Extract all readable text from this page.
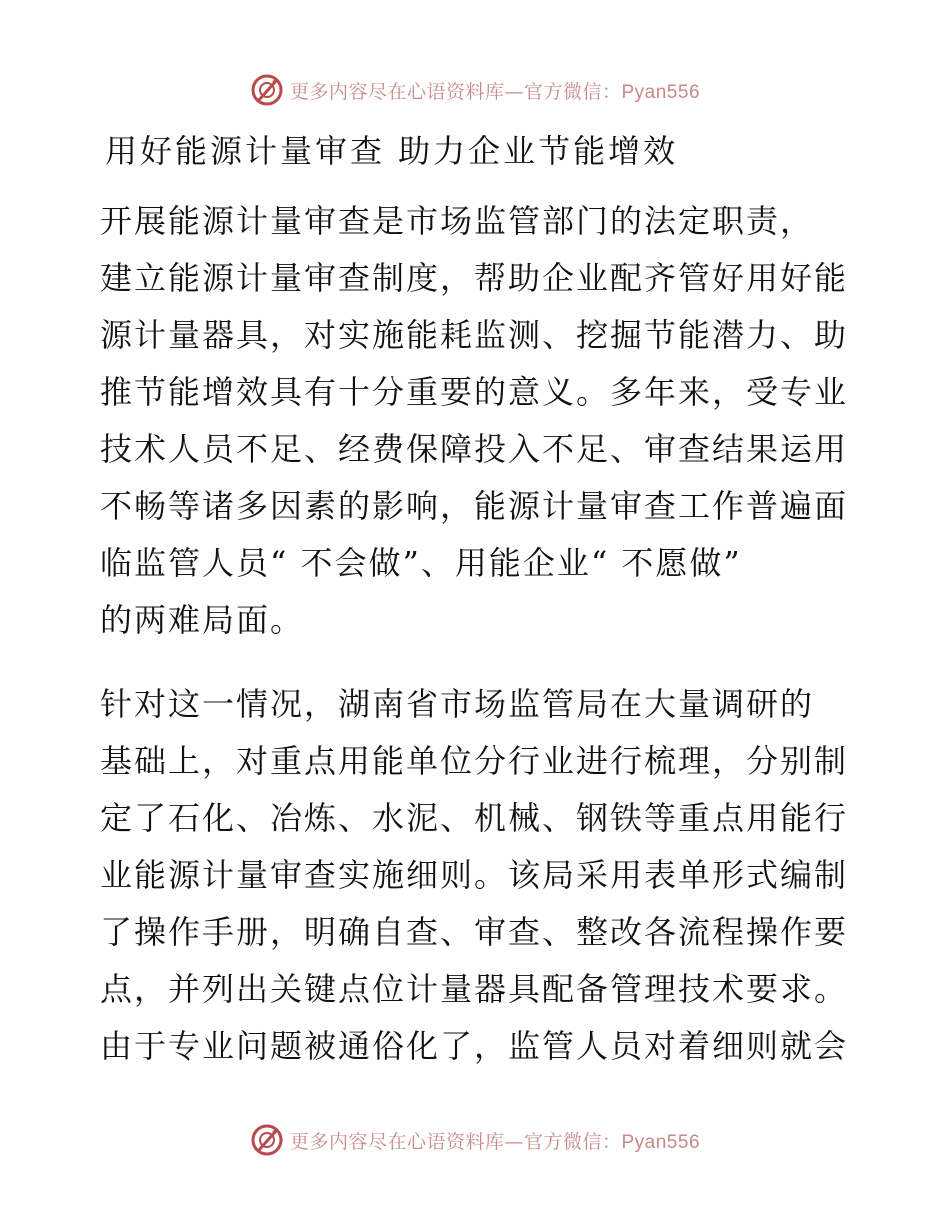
更多内容尽在心语资料库—官方微信：Pyan556
用好能源计量审查 助力企业节能增效
开展能源计量审查是市场监管部门的法定职责，
建立能源计量审查制度，帮助企业配齐管好用好能
源计量器具，对实施能耗监测、挖掘节能潜力、助
推节能增效具有十分重要的意义。多年来，受专业
技术人员不足、经费保障投入不足、审查结果运用
不畅等诸多因素的影响，能源计量审查工作普遍面
临监管人员“ 不会做”、用能企业“ 不愿做”
的两难局面。
针对这一情况，湖南省市场监管局在大量调研的
基础上，对重点用能单位分行业进行梳理，分别制
定了石化、冶炼、水泥、机械、钢铁等重点用能行
业能源计量审查实施细则。该局采用表单形式编制
了操作手册，明确自查、审查、整改各流程操作要
点，并列出关键点位计量器具配备管理技术要求。
由于专业问题被通俗化了，监管人员对着细则就会
更多内容尽在心语资料库—官方微信：Pyan556
